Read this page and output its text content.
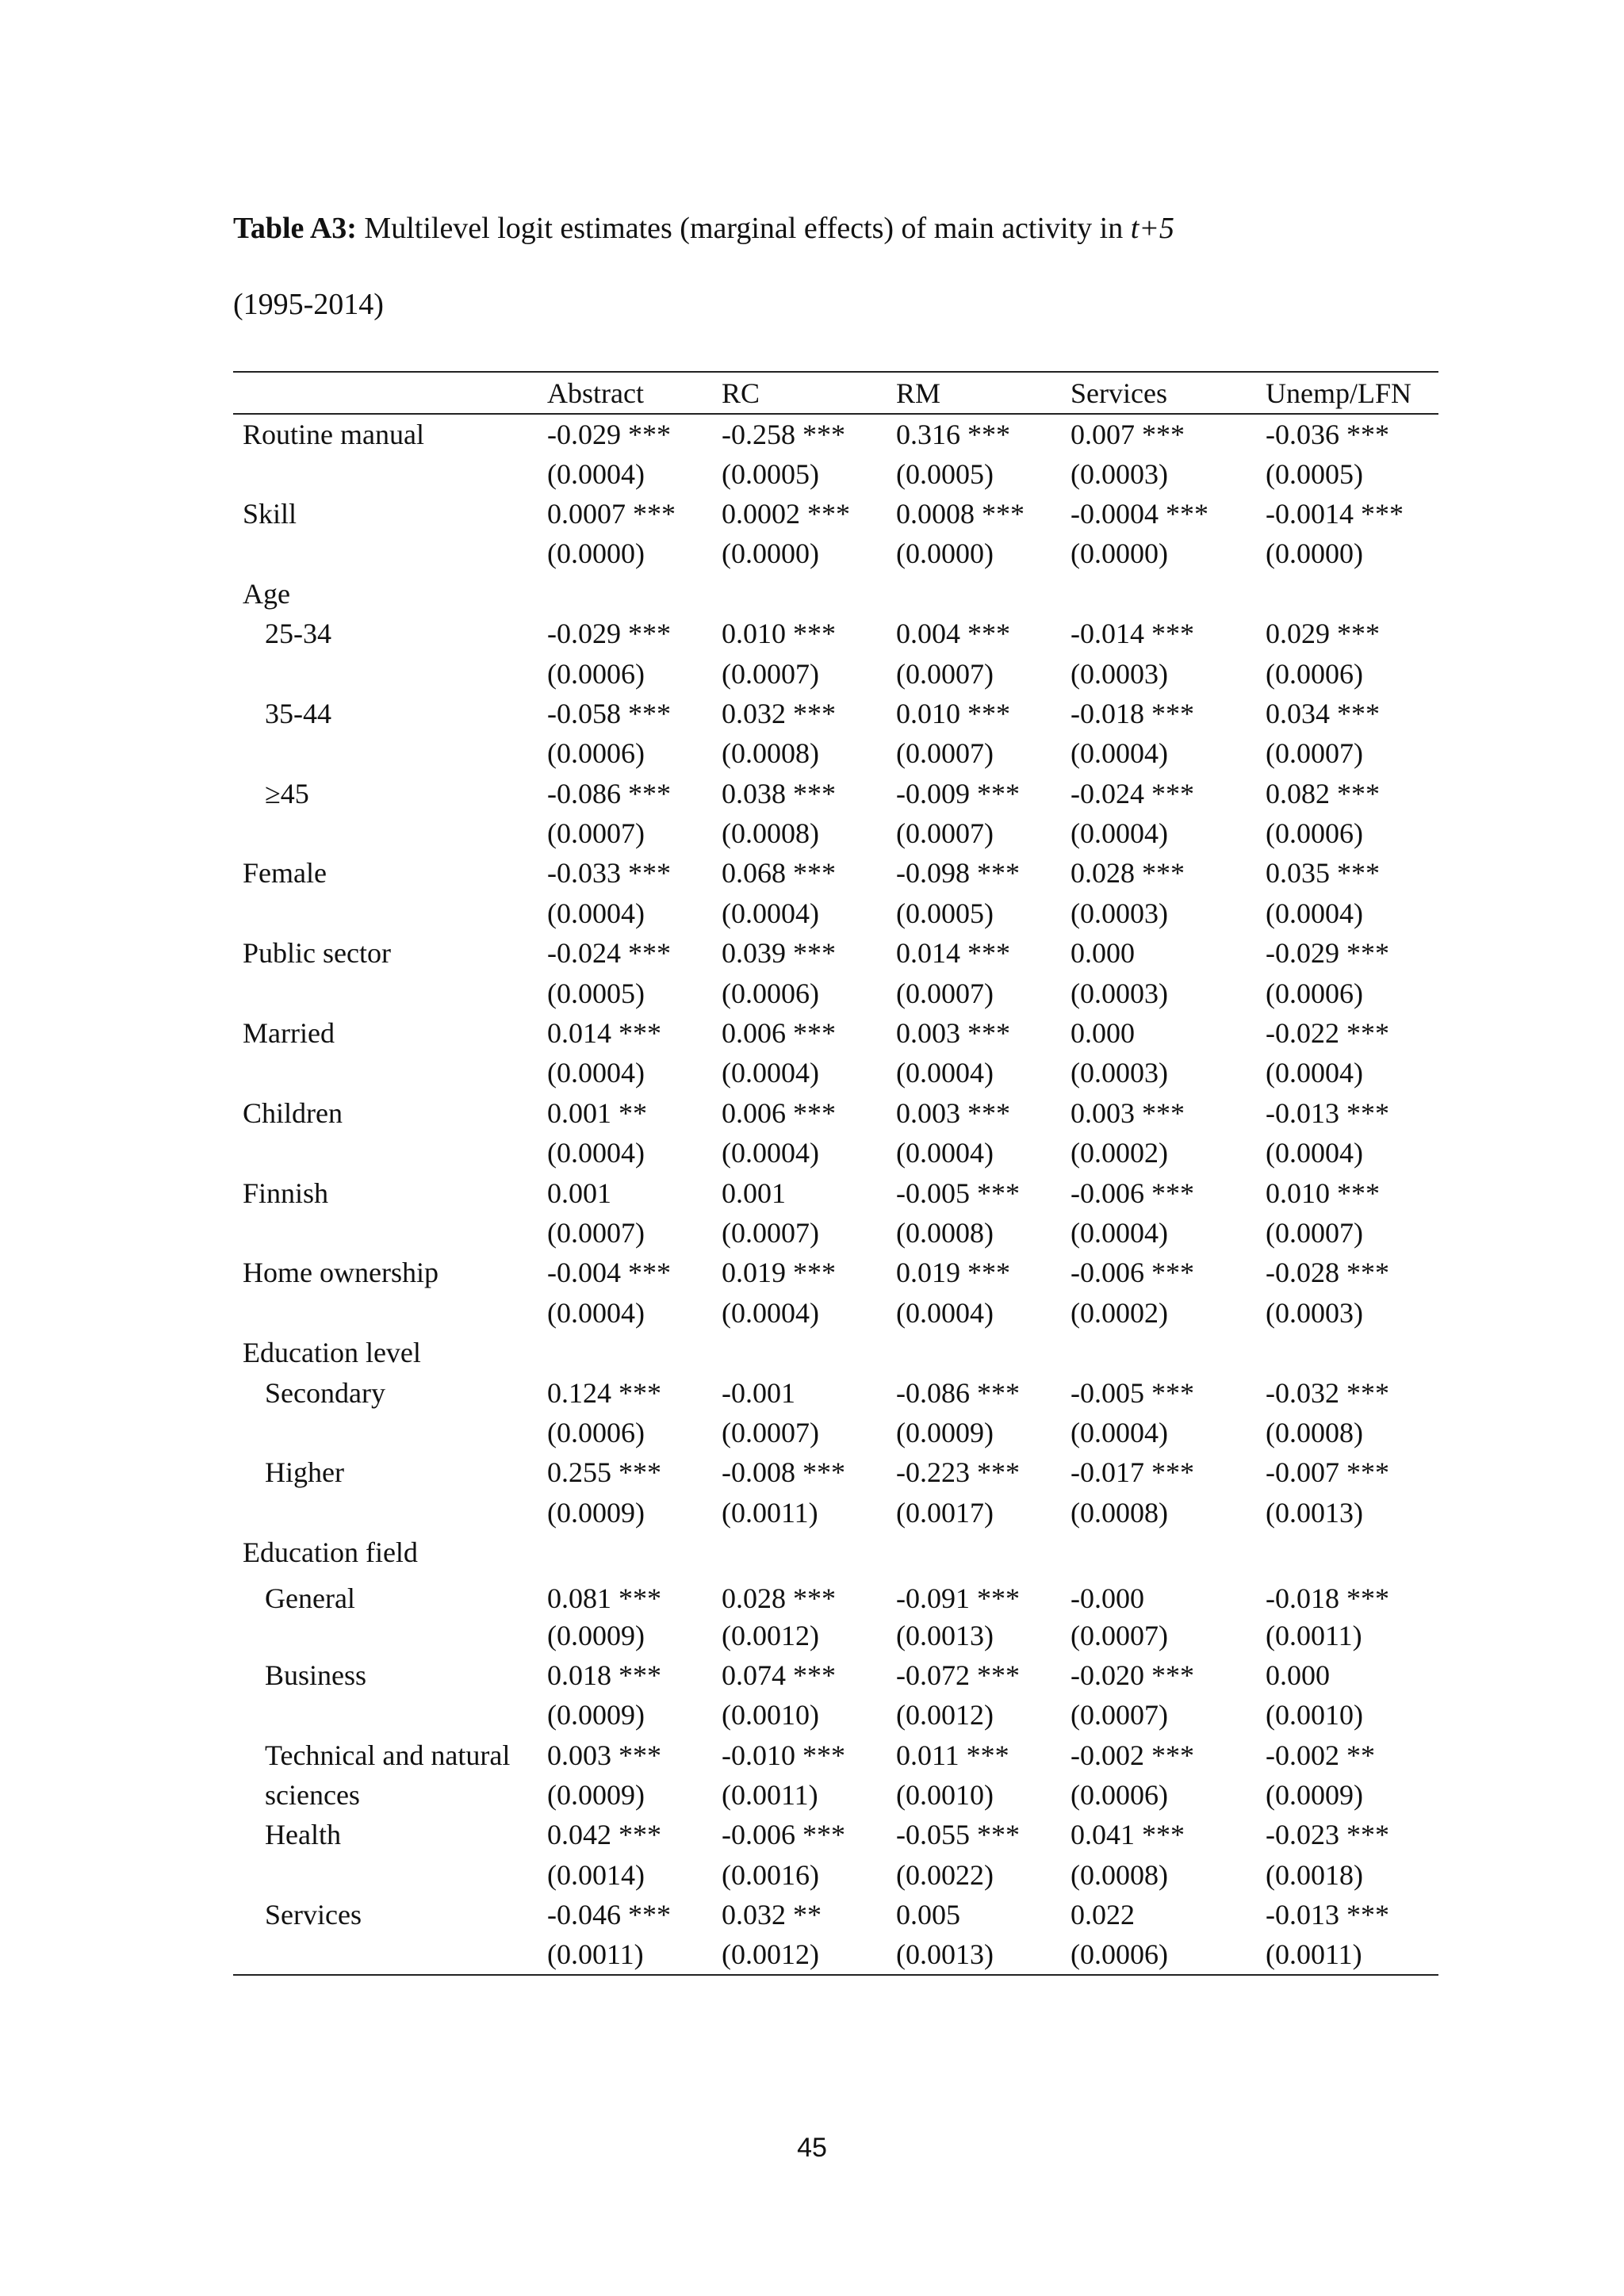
Table A3: Multilevel logit estimates (marginal effects) of main activity in t+5
(1995-2014)
	Abstract	RC	RM	Services	Unemp/LFN
Routine manual	-0.029 ***	-0.258 ***	0.316 ***	0.007 ***	-0.036 ***
	(0.0004)	(0.0005)	(0.0005)	(0.0003)	(0.0005)
Skill	0.0007 ***	0.0002 ***	0.0008 ***	-0.0004 ***	-0.0014 ***
	(0.0000)	(0.0000)	(0.0000)	(0.0000)	(0.0000)
Age					
25-34	-0.029 ***	0.010 ***	0.004 ***	-0.014 ***	0.029 ***
	(0.0006)	(0.0007)	(0.0007)	(0.0003)	(0.0006)
35-44	-0.058 ***	0.032 ***	0.010 ***	-0.018 ***	0.034 ***
	(0.0006)	(0.0008)	(0.0007)	(0.0004)	(0.0007)
≥45	-0.086 ***	0.038 ***	-0.009 ***	-0.024 ***	0.082 ***
	(0.0007)	(0.0008)	(0.0007)	(0.0004)	(0.0006)
Female	-0.033 ***	0.068 ***	-0.098 ***	0.028 ***	0.035 ***
	(0.0004)	(0.0004)	(0.0005)	(0.0003)	(0.0004)
Public sector	-0.024 ***	0.039 ***	0.014 ***	0.000	-0.029 ***
	(0.0005)	(0.0006)	(0.0007)	(0.0003)	(0.0006)
Married	0.014 ***	0.006 ***	0.003 ***	0.000	-0.022 ***
	(0.0004)	(0.0004)	(0.0004)	(0.0003)	(0.0004)
Children	0.001 **	0.006 ***	0.003 ***	0.003 ***	-0.013 ***
	(0.0004)	(0.0004)	(0.0004)	(0.0002)	(0.0004)
Finnish	0.001	0.001	-0.005 ***	-0.006 ***	0.010 ***
	(0.0007)	(0.0007)	(0.0008)	(0.0004)	(0.0007)
Home ownership	-0.004 ***	0.019 ***	0.019 ***	-0.006 ***	-0.028 ***
	(0.0004)	(0.0004)	(0.0004)	(0.0002)	(0.0003)
Education level					
Secondary	0.124 ***	-0.001	-0.086 ***	-0.005 ***	-0.032 ***
	(0.0006)	(0.0007)	(0.0009)	(0.0004)	(0.0008)
Higher	0.255 ***	-0.008 ***	-0.223 ***	-0.017 ***	-0.007 ***
	(0.0009)	(0.0011)	(0.0017)	(0.0008)	(0.0013)
Education field					
General	0.081 ***	0.028 ***	-0.091 ***	-0.000	-0.018 ***
	(0.0009)	(0.0012)	(0.0013)	(0.0007)	(0.0011)
Business	0.018 ***	0.074 ***	-0.072 ***	-0.020 ***	0.000
	(0.0009)	(0.0010)	(0.0012)	(0.0007)	(0.0010)
Technical and natural	0.003 ***	-0.010 ***	0.011 ***	-0.002 ***	-0.002 **
sciences	(0.0009)	(0.0011)	(0.0010)	(0.0006)	(0.0009)
Health	0.042 ***	-0.006 ***	-0.055 ***	0.041 ***	-0.023 ***
	(0.0014)	(0.0016)	(0.0022)	(0.0008)	(0.0018)
Services	-0.046 ***	0.032 **	0.005	0.022	-0.013 ***
	(0.0011)	(0.0012)	(0.0013)	(0.0006)	(0.0011)
45
